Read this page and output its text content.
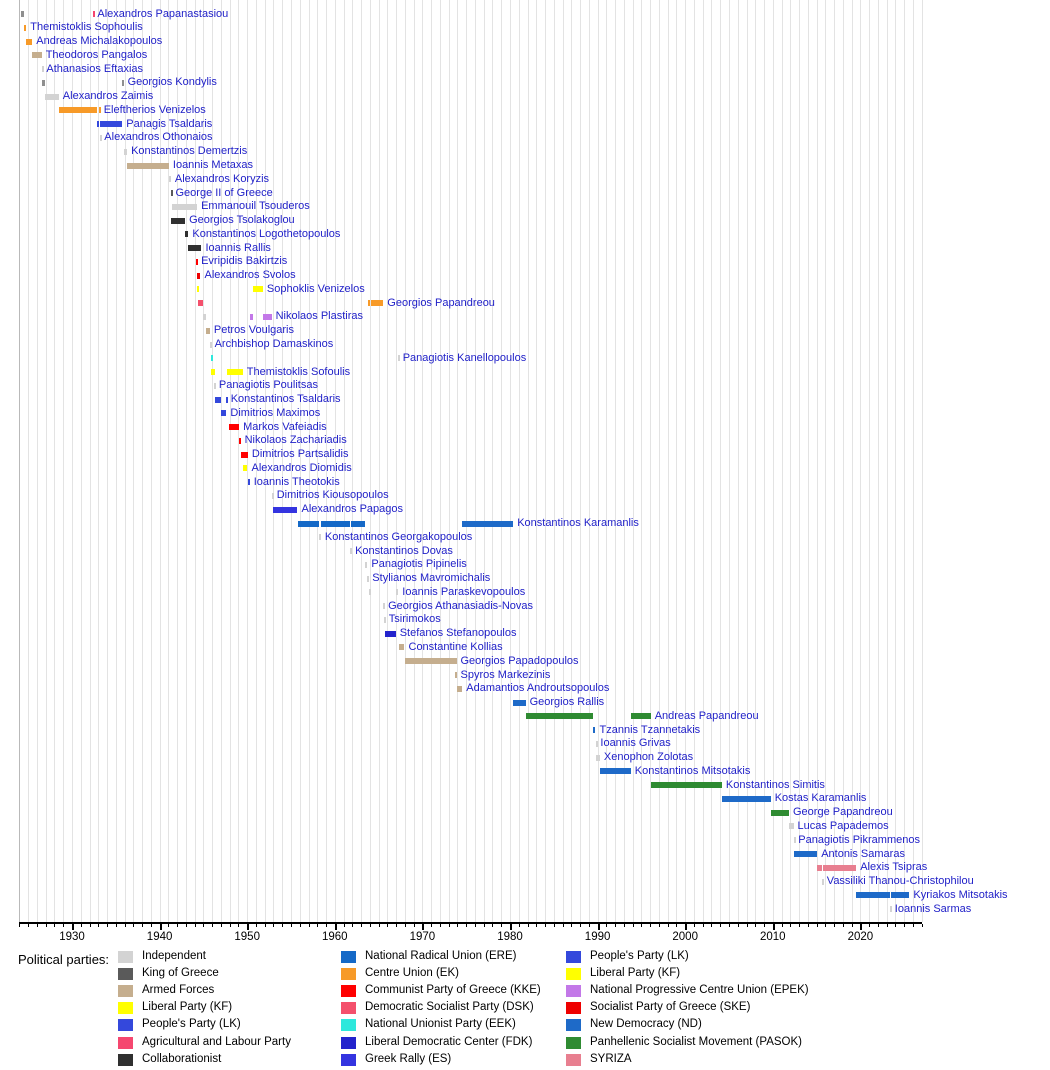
Alexandros Papanastasiou
Themistoklis Sophoulis
Andreas Michalakopoulos
Theodoros Pangalos
Athanasios Eftaxias
Georgios Kondylis
Alexandros Zaimis
Eleftherios Venizelos
Panagis Tsaldaris
Alexandros Othonaios
Konstantinos Demertzis
Ioannis Metaxas
Alexandros Koryzis
George II of Greece
Emmanouil Tsouderos
Georgios Tsolakoglou
Konstantinos Logothetopoulos
Ioannis Rallis
Evripidis Bakirtzis
Alexandros Svolos
Sophoklis Venizelos
Georgios Papandreou
Nikolaos Plastiras
Petros Voulgaris
Archbishop Damaskinos
Panagiotis Kanellopoulos
Themistoklis Sofoulis
Panagiotis Poulitsas
Konstantinos Tsaldaris
Dimitrios Maximos
Markos Vafeiadis
Nikolaos Zachariadis
Dimitrios Partsalidis
Alexandros Diomidis
Ioannis Theotokis
Dimitrios Kiousopoulos
Alexandros Papagos
Konstantinos Karamanlis
Konstantinos Georgakopoulos
Konstantinos Dovas
Panagiotis Pipinelis
Stylianos Mavromichalis
Ioannis Paraskevopoulos
Georgios Athanasiadis-Novas
Tsirimokos
Stefanos Stefanopoulos
Constantine Kollias
Georgios Papadopoulos
Spyros Markezinis
Adamantios Androutsopoulos
Georgios Rallis
Andreas Papandreou
Tzannis Tzannetakis
Ioannis Grivas
Xenophon Zolotas
Konstantinos Mitsotakis
Konstantinos Simitis
Kostas Karamanlis
George Papandreou
Lucas Papademos
Panagiotis Pikrammenos
Antonis Samaras
Alexis Tsipras
Vassiliki Thanou-Christophilou
Kyriakos Mitsotakis
Ioannis Sarmas
1930	1940	1950	1960	1970	1980	1990	2000	2010	2020
Political parties:	Independent
King of Greece
Armed Forces
Liberal Party (KF)
People's Party (LK)
Agricultural and Labour Party
Collaborationist
National Radical Union (ERE)
Centre Union (EK)
Communist Party of Greece (KKE)
Democratic Socialist Party (DSK)
National Unionist Party (EEK)
Liberal Democratic Center (FDK)
Greek Rally (ES)
People's Party (LK)
Liberal Party (KF)
National Progressive Centre Union (EPEK)
Socialist Party of Greece (SKE)
New Democracy (ND)
Panhellenic Socialist Movement (PASOK)
SYRIZA
